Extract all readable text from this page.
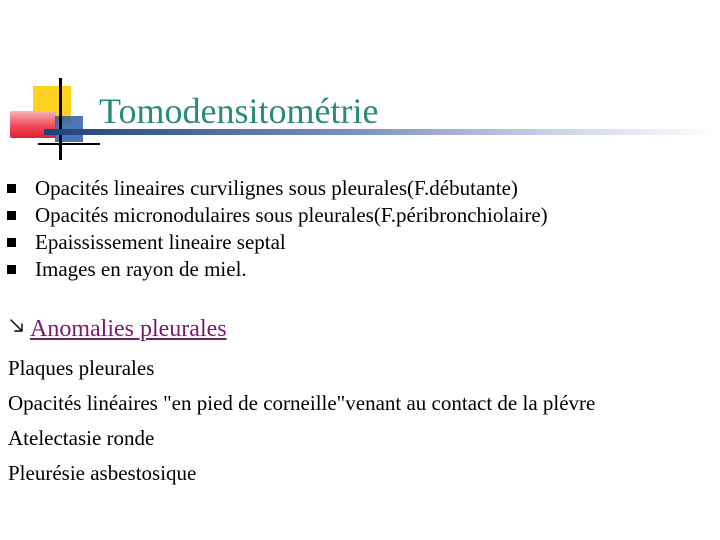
Tomodensitométrie
Opacités lineaires curvilignes sous pleurales(F.débutante)
Opacités micronodulaires sous pleurales(F.péribronchiolaire)
Epaississement lineaire septal
Images en rayon de miel.
Anomalies pleurales
Plaques pleurales
Opacités linéaires "en pied de corneille"venant au contact de la plévre
Atelectasie ronde
Pleurésie asbestosique
